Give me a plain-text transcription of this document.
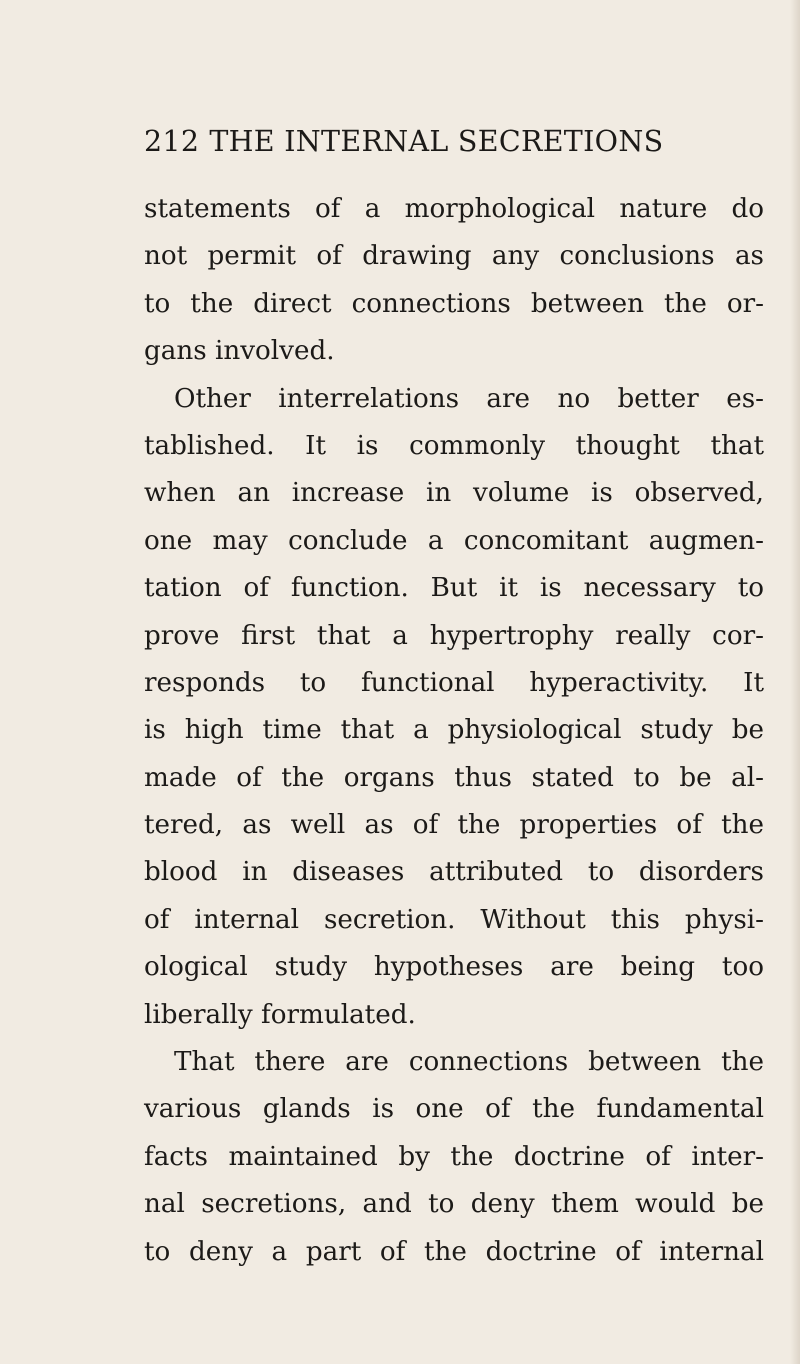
212 THE INTERNAL SECRETIONS
statements of a morphological nature do
not permit of drawing any conclusions as
to the direct connections between the or-
gans involved.
Other interrelations are no better es-
tablished. It is commonly thought that
when an increase in volume is observed,
one may conclude a concomitant augmen-
tation of function. But it is necessary to
prove first that a hypertrophy really cor-
responds to functional hyperactivity. It
is high time that a physiological study be
made of the organs thus stated to be al-
tered, as well as of the properties of the
blood in diseases attributed to disorders
of internal secretion. Without this physi-
ological study hypotheses are being too
liberally formulated.
That there are connections between the
various glands is one of the fundamental
facts maintained by the doctrine of inter-
nal secretions, and to deny them would be
to deny a part of the doctrine of internal
